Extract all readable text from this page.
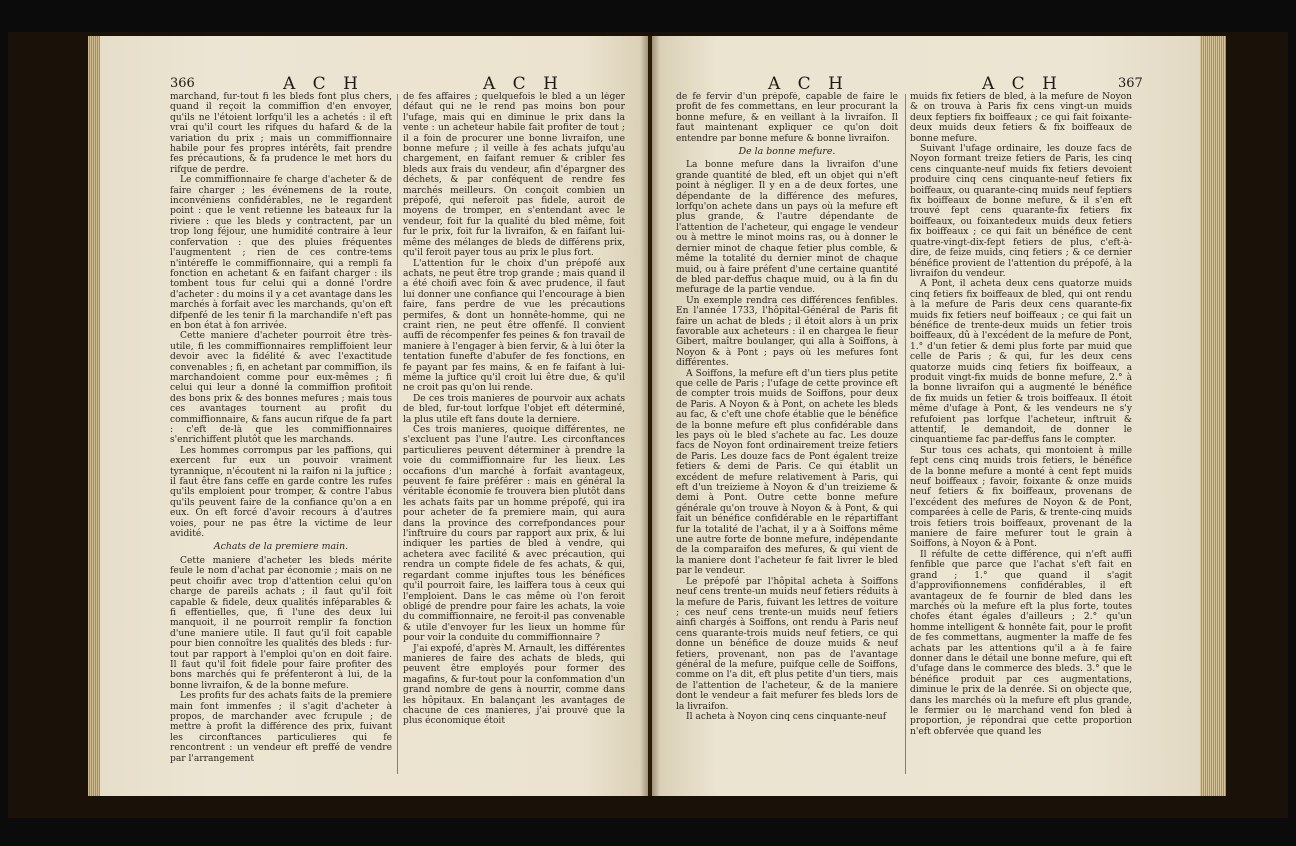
366	A C H	A C H

marchand, fur-tout fi les bleds font plus chers, quand il reçoit la commiffion d'en envoyer, qu'ils ne l'étoient lorfqu'il les a achetés : il eft vrai qu'il court les rifques du hafard & de la variation du prix ; mais un commiffionnaire habile pour fes propres intérêts, fait prendre fes précautions, & fa prudence le met hors du rifque de perdre.

Le commiffionnaire fe charge d'acheter & de faire charger ; les événemens de la route, inconvéniens confidérables, ne le regardent point : que le vent retienne les bateaux fur la riviere : que les bleds y contractent, par un trop long féjour, une humidité contraire à leur confervation : que des pluies fréquentes l'augmentent ; rien de ces contre-tems n'intéreffe le commiffionnaire, qui a rempli fa fonction en achetant & en faifant charger : ils tombent tous fur celui qui a donné l'ordre d'acheter : du moins il y a cet avantage dans les marchés à forfait avec les marchands, qu'on eft difpenfé de les tenir fi la marchandife n'eft pas en bon état à fon arrivée.

Cette maniere d'acheter pourroit être très-utile, fi les commiffionnaires rempliffoient leur devoir avec la fidélité & avec l'exactitude convenables ; fi, en achetant par commiffion, ils marchandoient comme pour eux-mêmes ; fi celui qui leur a donné la commiffion profitoit des bons prix & des bonnes mefures ; mais tous ces avantages tournent au profit du commiffionnaire, & fans aucun rifque de fa part : c'eft de-là que les commiffionnaires s'enrichiffent plutôt que les marchands.

Les hommes corrompus par les paffions, qui exercent fur eux un pouvoir vraiment tyrannique, n'écoutent ni la raifon ni la juftice ; il faut être fans ceffe en garde contre les rufes qu'ils emploient pour tromper, & contre l'abus qu'ils peuvent faire de la confiance qu'on a en eux. On eft forcé d'avoir recours à d'autres voies, pour ne pas être la victime de leur avidité.

Achats de la premiere main.

Cette maniere d'acheter les bleds mérite feule le nom d'achat par économie ; mais on ne peut choifir avec trop d'attention celui qu'on charge de pareils achats ; il faut qu'il foit capable & fidele, deux qualités inféparables & fi effentielles, que, fi l'une des deux lui manquoit, il ne pourroit remplir fa fonction d'une maniere utile. Il faut qu'il foit capable pour bien connoître les qualités des bleds : fur-tout par rapport à l'emploi qu'on en doit faire. Il faut qu'il foit fidele pour faire profiter des bons marchés qui fe préfenteront à lui, de la bonne livraifon, & de la bonne mefure.

Les profits fur des achats faits de la premiere main font immenfes ; il s'agit d'acheter à propos, de marchander avec fcrupule ; de mettre à profit la différence des prix, fuivant les circonftances particulieres qui fe rencontrent : un vendeur eft preffé de vendre par l'arrangement

de fes affaires ; quelquefois le bled a un léger défaut qui ne le rend pas moins bon pour l'ufage, mais qui en diminue le prix dans la vente : un acheteur habile fait profiter de tout ; il a foin de procurer une bonne livraifon, une bonne mefure ; il veille à fes achats jufqu'au chargement, en faifant remuer & cribler fes bleds aux frais du vendeur, afin d'épargner des déchets, & par conféquent de rendre fes marchés meilleurs. On conçoit combien un prépofé, qui neferoit pas fidele, auroit de moyens de tromper, en s'entendant avec le vendeur, foit fur la qualité du bled même, foit fur le prix, foit fur la livraifon, & en faifant lui-même des mélanges de bleds de différens prix, qu'il feroit payer tous au prix le plus fort.

L'attention fur le choix d'un prépofé aux achats, ne peut être trop grande ; mais quand il a été choifi avec foin & avec prudence, il faut lui donner une confiance qui l'encourage à bien faire, fans perdre de vue les précautions permifes, & dont un honnête-homme, qui ne craint rien, ne peut être offenfé. Il convient auffi de récompenfer fes peines & fon travail de maniere à l'engager à bien fervir, & à lui ôter la tentation funefte d'abufer de fes fonctions, en fe payant par fes mains, & en fe faifant à lui-même la juftice qu'il croit lui être due, & qu'il ne croit pas qu'on lui rende.

De ces trois manieres de pourvoir aux achats de bled, fur-tout lorfque l'objet eft déterminé, la plus utile eft fans doute la derniere.

Ces trois manieres, quoique différentes, ne s'excluent pas l'une l'autre. Les circonftances particulieres peuvent déterminer à prendre la voie du commiffionnaire fur les lieux. Les occafions d'un marché à forfait avantageux, peuvent fe faire préférer : mais en général la véritable économie fe trouvera bien plutôt dans les achats faits par un homme prépofé, qui ira pour acheter de fa premiere main, qui aura dans la province des correfpondances pour l'inftruire du cours par rapport aux prix, & lui indiquer les parties de bled à vendre, qui achetera avec facilité & avec précaution, qui rendra un compte fidele de fes achats, & qui, regardant comme injuftes tous les bénéfices qu'il pourroit faire, les laiffera tous à ceux qui l'emploient. Dans le cas même où l'on feroit obligé de prendre pour faire les achats, la voie du commiffionnaire, ne feroit-il pas convenable & utile d'envoyer fur les lieux un homme fûr pour voir la conduite du commiffionnaire ?

J'ai expofé, d'après M. Arnault, les différentes manieres de faire des achats de bleds, qui peuvent être employés pour former des magafins, & fur-tout pour la confommation d'un grand nombre de gens à nourrir, comme dans les hôpitaux. En balançant les avantages de chacune de ces manieres, j'ai prouvé que la plus économique étoit

A C H	A C H	367

de fe fervir d'un prépofé, capable de faire le profit de fes commettans, en leur procurant la bonne mefure, & en veillant à la livraifon. Il faut maintenant expliquer ce qu'on doit entendre par bonne mefure & bonne livraifon.

De la bonne mefure.

La bonne mefure dans la livraifon d'une grande quantité de bled, eft un objet qui n'eft point à négliger. Il y en a de deux fortes, une dépendante de la différence des mefures, lorfqu'on achete dans un pays où la mefure eft plus grande, & l'autre dépendante de l'attention de l'acheteur, qui engage le vendeur ou à mettre le minot moins ras, ou à donner le dernier minot de chaque fetier plus comble, & même la totalité du dernier minot de chaque muid, ou à faire préfent d'une certaine quantité de bled par-deffus chaque muid, ou à la fin du mefurage de la partie vendue.

Un exemple rendra ces différences fenfibles. En l'année 1733, l'hôpital-Général de Paris fit faire un achat de bleds ; il étoit alors à un prix favorable aux acheteurs : il en chargea le fieur Gibert, maître boulanger, qui alla à Soiffons, à Noyon & à Pont ; pays où les mefures font différentes.

A Soiffons, la mefure eft d'un tiers plus petite que celle de Paris ; l'ufage de cette province eft de compter trois muids de Soiffons, pour deux de Paris. A Noyon & à Pont, on achete les bleds au fac, & c'eft une chofe établie que le bénéfice de la bonne mefure eft plus confidérable dans les pays où le bled s'achete au fac. Les douze facs de Noyon font ordinairement treize fetiers de Paris. Les douze facs de Pont égalent treize fetiers & demi de Paris. Ce qui établit un excédent de mefure relativement à Paris, qui eft d'un treizieme à Noyon & d'un treizieme & demi à Pont. Outre cette bonne mefure générale qu'on trouve à Noyon & à Pont, & qui fait un bénéfice confidérable en le répartiffant fur la totalité de l'achat, il y a à Soiffons même une autre forte de bonne mefure, indépendante de la comparaifon des mefures, & qui vient de la maniere dont l'acheteur fe fait livrer le bled par le vendeur.

Le prépofé par l'hôpital acheta à Soiffons neuf cens trente-un muids neuf fetiers réduits à la mefure de Paris, fuivant les lettres de voiture ; ces neuf cens trente-un muids neuf fetiers ainfi chargés à Soiffons, ont rendu à Paris neuf cens quarante-trois muids neuf fetiers, ce qui donne un bénéfice de douze muids & neuf fetiers, provenant, non pas de l'avantage général de la mefure, puifque celle de Soiffons, comme on l'a dit, eft plus petite d'un tiers, mais de l'attention de l'acheteur, & de la maniere dont le vendeur a fait mefurer fes bleds lors de la livraifon.

Il acheta à Noyon cinq cens cinquante-neuf

muids fix fetiers de bled, à la mefure de Noyon & on trouva à Paris fix cens vingt-un muids deux feptiers fix boiffeaux ; ce qui fait foixante-deux muids deux fetiers & fix boiffeaux de bonne mefure.

Suivant l'ufage ordinaire, les douze facs de Noyon formant treize fetiers de Paris, les cinq cens cinquante-neuf muids fix fetiers devoient produire cinq cens cinquante-neuf fetiers fix boiffeaux, ou quarante-cinq muids neuf feptiers fix boiffeaux de bonne mefure, & il s'en eft trouvé fept cens quarante-fix fetiers fix boiffeaux, ou foixantedeux muids deux fetiers fix boiffeaux ; ce qui fait un bénéfice de cent quatre-vingt-dix-fept fetiers de plus, c'eft-à-dire, de feize muids, cinq fetiers ; & ce dernier bénéfice provient de l'attention du prépofé, à la livraifon du vendeur.

A Pont, il acheta deux cens quatorze muids cinq fetiers fix boiffeaux de bled, qui ont rendu à la mefure de Paris deux cens quarante-fix muids fix fetiers neuf boiffeaux ; ce qui fait un bénéfice de trente-deux muids un fetier trois boiffeaux, dû à l'excédent de la mefure de Pont, 1.° d'un fetier & demi plus forte par muid que celle de Paris ; & qui, fur les deux cens quatorze muids cinq fetiers fix boiffeaux, a produit vingt-fix muids de bonne mefure, 2.° à la bonne livraifon qui a augmenté le bénéfice de fix muids un fetier & trois boiffeaux. Il étoit même d'ufage à Pont, & les vendeurs ne s'y refufoient pas lorfque l'acheteur, inftruit & attentif, le demandoit, de donner le cinquantieme fac par-deffus fans le compter.

Sur tous ces achats, qui montoient à mille fept cens cinq muids trois fetiers, le bénéfice de la bonne mefure a monté à cent fept muids neuf boiffeaux ; favoir, foixante & onze muids neuf fetiers & fix boiffeaux, provenans de l'excédent des mefures de Noyon & de Pont, comparées à celle de Paris, & trente-cinq muids trois fetiers trois boiffeaux, provenant de la maniere de faire mefurer tout le grain à Soiffons, à Noyon & à Pont.

Il réfulte de cette différence, qui n'eft auffi fenfible que parce que l'achat s'eft fait en grand ; 1.° que quand il s'agit d'approvifionnemens confidérables, il eft avantageux de fe fournir de bled dans les marchés où la mefure eft la plus forte, toutes chofes étant égales d'ailleurs ; 2.° qu'un homme intelligent & honnête fait, pour le profit de fes commettans, augmenter la maffe de fes achats par les attentions qu'il a à fe faire donner dans le détail une bonne mefure, qui eft d'ufage dans le commerce des bleds. 3.° que le bénéfice produit par ces augmentations, diminue le prix de la denrée. Si on objecte que, dans les marchés où la mefure eft plus grande, le fermier ou le marchand vend fon bled à proportion, je répondrai que cette proportion n'eft obfervée que quand les
